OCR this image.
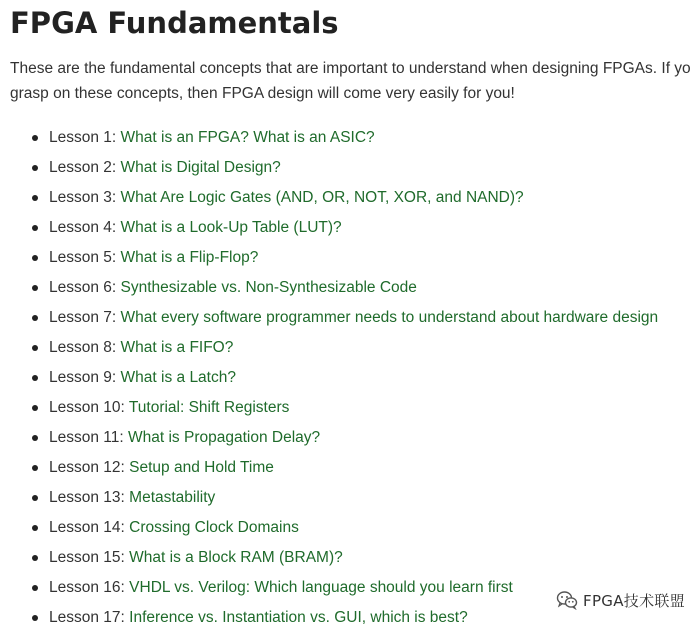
FPGA Fundamentals
These are the fundamental concepts that are important to understand when designing FPGAs. If yo
grasp on these concepts, then FPGA design will come very easily for you!
Lesson 1: What is an FPGA? What is an ASIC?
Lesson 2: What is Digital Design?
Lesson 3: What Are Logic Gates (AND, OR, NOT, XOR, and NAND)?
Lesson 4: What is a Look-Up Table (LUT)?
Lesson 5: What is a Flip-Flop?
Lesson 6: Synthesizable vs. Non-Synthesizable Code
Lesson 7: What every software programmer needs to understand about hardware design
Lesson 8: What is a FIFO?
Lesson 9: What is a Latch?
Lesson 10: Tutorial: Shift Registers
Lesson 11: What is Propagation Delay?
Lesson 12: Setup and Hold Time
Lesson 13: Metastability
Lesson 14: Crossing Clock Domains
Lesson 15: What is a Block RAM (BRAM)?
Lesson 16: VHDL vs. Verilog: Which language should you learn first
Lesson 17: Inference vs. Instantiation vs. GUI, which is best?
FPGA技术联盟
